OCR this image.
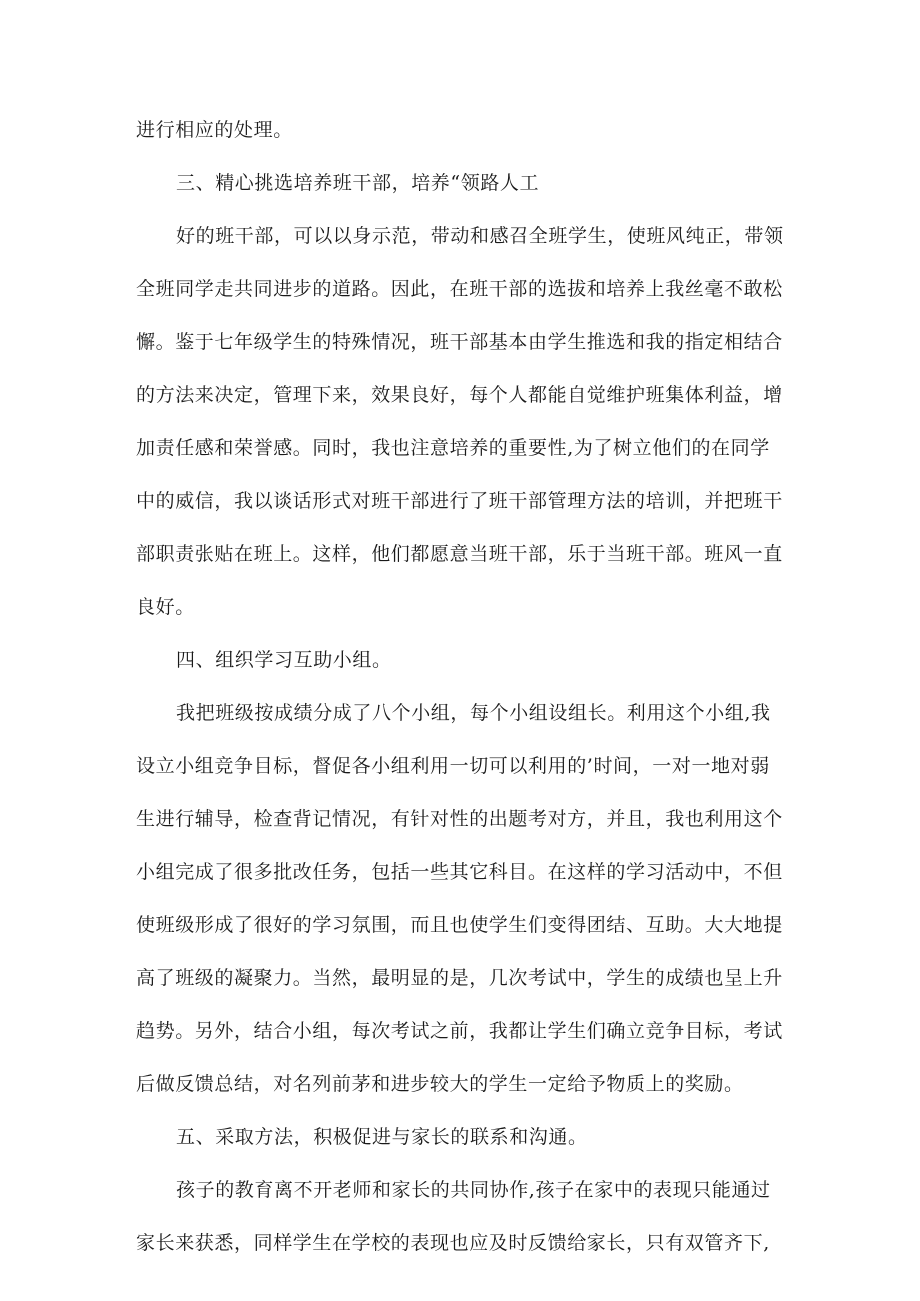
进行相应的处理。
三、精心挑选培养班干部，培养“领路人工
好的班干部，可以以身示范，带动和感召全班学生，使班风纯正，带领
全班同学走共同进步的道路。因此，在班干部的选拔和培养上我丝毫不敢松
懈。鉴于七年级学生的特殊情况，班干部基本由学生推选和我的指定相结合
的方法来决定，管理下来，效果良好，每个人都能自觉维护班集体利益，增
加责任感和荣誉感。同时，我也注意培养的重要性,为了树立他们的在同学
中的威信，我以谈话形式对班干部进行了班干部管理方法的培训，并把班干
部职责张贴在班上。这样，他们都愿意当班干部，乐于当班干部。班风一直
良好。
四、组织学习互助小组。
我把班级按成绩分成了八个小组，每个小组设组长。利用这个小组,我
设立小组竞争目标，督促各小组利用一切可以利用的’时间，一对一地对弱
生进行辅导，检查背记情况，有针对性的出题考对方，并且，我也利用这个
小组完成了很多批改任务，包括一些其它科目。在这样的学习活动中，不但
使班级形成了很好的学习氛围，而且也使学生们变得团结、互助。大大地提
高了班级的凝聚力。当然，最明显的是，几次考试中，学生的成绩也呈上升
趋势。另外，结合小组，每次考试之前，我都让学生们确立竞争目标，考试
后做反馈总结，对名列前茅和进步较大的学生一定给予物质上的奖励。
五、采取方法，积极促进与家长的联系和沟通。
孩子的教育离不开老师和家长的共同协作,孩子在家中的表现只能通过
家长来获悉，同样学生在学校的表现也应及时反馈给家长，只有双管齐下,
